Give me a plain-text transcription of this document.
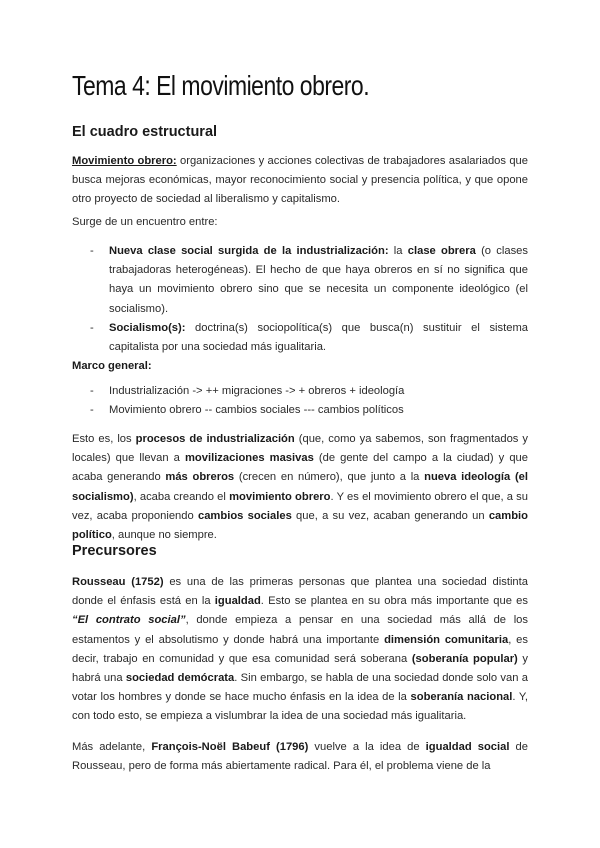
Tema 4: El movimiento obrero.
El cuadro estructural

Movimiento obrero: organizaciones y acciones colectivas de trabajadores asalariados que busca mejoras económicas, mayor reconocimiento social y presencia política, y que opone otro proyecto de sociedad al liberalismo y capitalismo.

Surge de un encuentro entre:

- Nueva clase social surgida de la industrialización: la clase obrera (o clases trabajadoras heterogéneas). El hecho de que haya obreros en sí no significa que haya un movimiento obrero sino que se necesita un componente ideológico (el socialismo).
- Socialismo(s): doctrina(s) sociopolítica(s) que busca(n) sustituir el sistema capitalista por una sociedad más igualitaria.

Marco general:

- Industrialización -> ++ migraciones -> + obreros + ideología
- Movimiento obrero -- cambios sociales --- cambios políticos

Esto es, los procesos de industrialización (que, como ya sabemos, son fragmentados y locales) que llevan a movilizaciones masivas (de gente del campo a la ciudad) y que acaba generando más obreros (crecen en número), que junto a la nueva ideología (el socialismo), acaba creando el movimiento obrero. Y es el movimiento obrero el que, a su vez, acaba proponiendo cambios sociales que, a su vez, acaban generando un cambio político, aunque no siempre.

Precursores

Rousseau (1752) es una de las primeras personas que plantea una sociedad distinta donde el énfasis está en la igualdad. Esto se plantea en su obra más importante que es “El contrato social”, donde empieza a pensar en una sociedad más allá de los estamentos y el absolutismo y donde habrá una importante dimensión comunitaria, es decir, trabajo en comunidad y que esa comunidad será soberana (soberanía popular) y habrá una sociedad demócrata. Sin embargo, se habla de una sociedad donde solo van a votar los hombres y donde se hace mucho énfasis en la idea de la soberanía nacional. Y, con todo esto, se empieza a vislumbrar la idea de una sociedad más igualitaria.

Más adelante, François-Noël Babeuf (1796) vuelve a la idea de igualdad social de Rousseau, pero de forma más abiertamente radical. Para él, el problema viene de la
